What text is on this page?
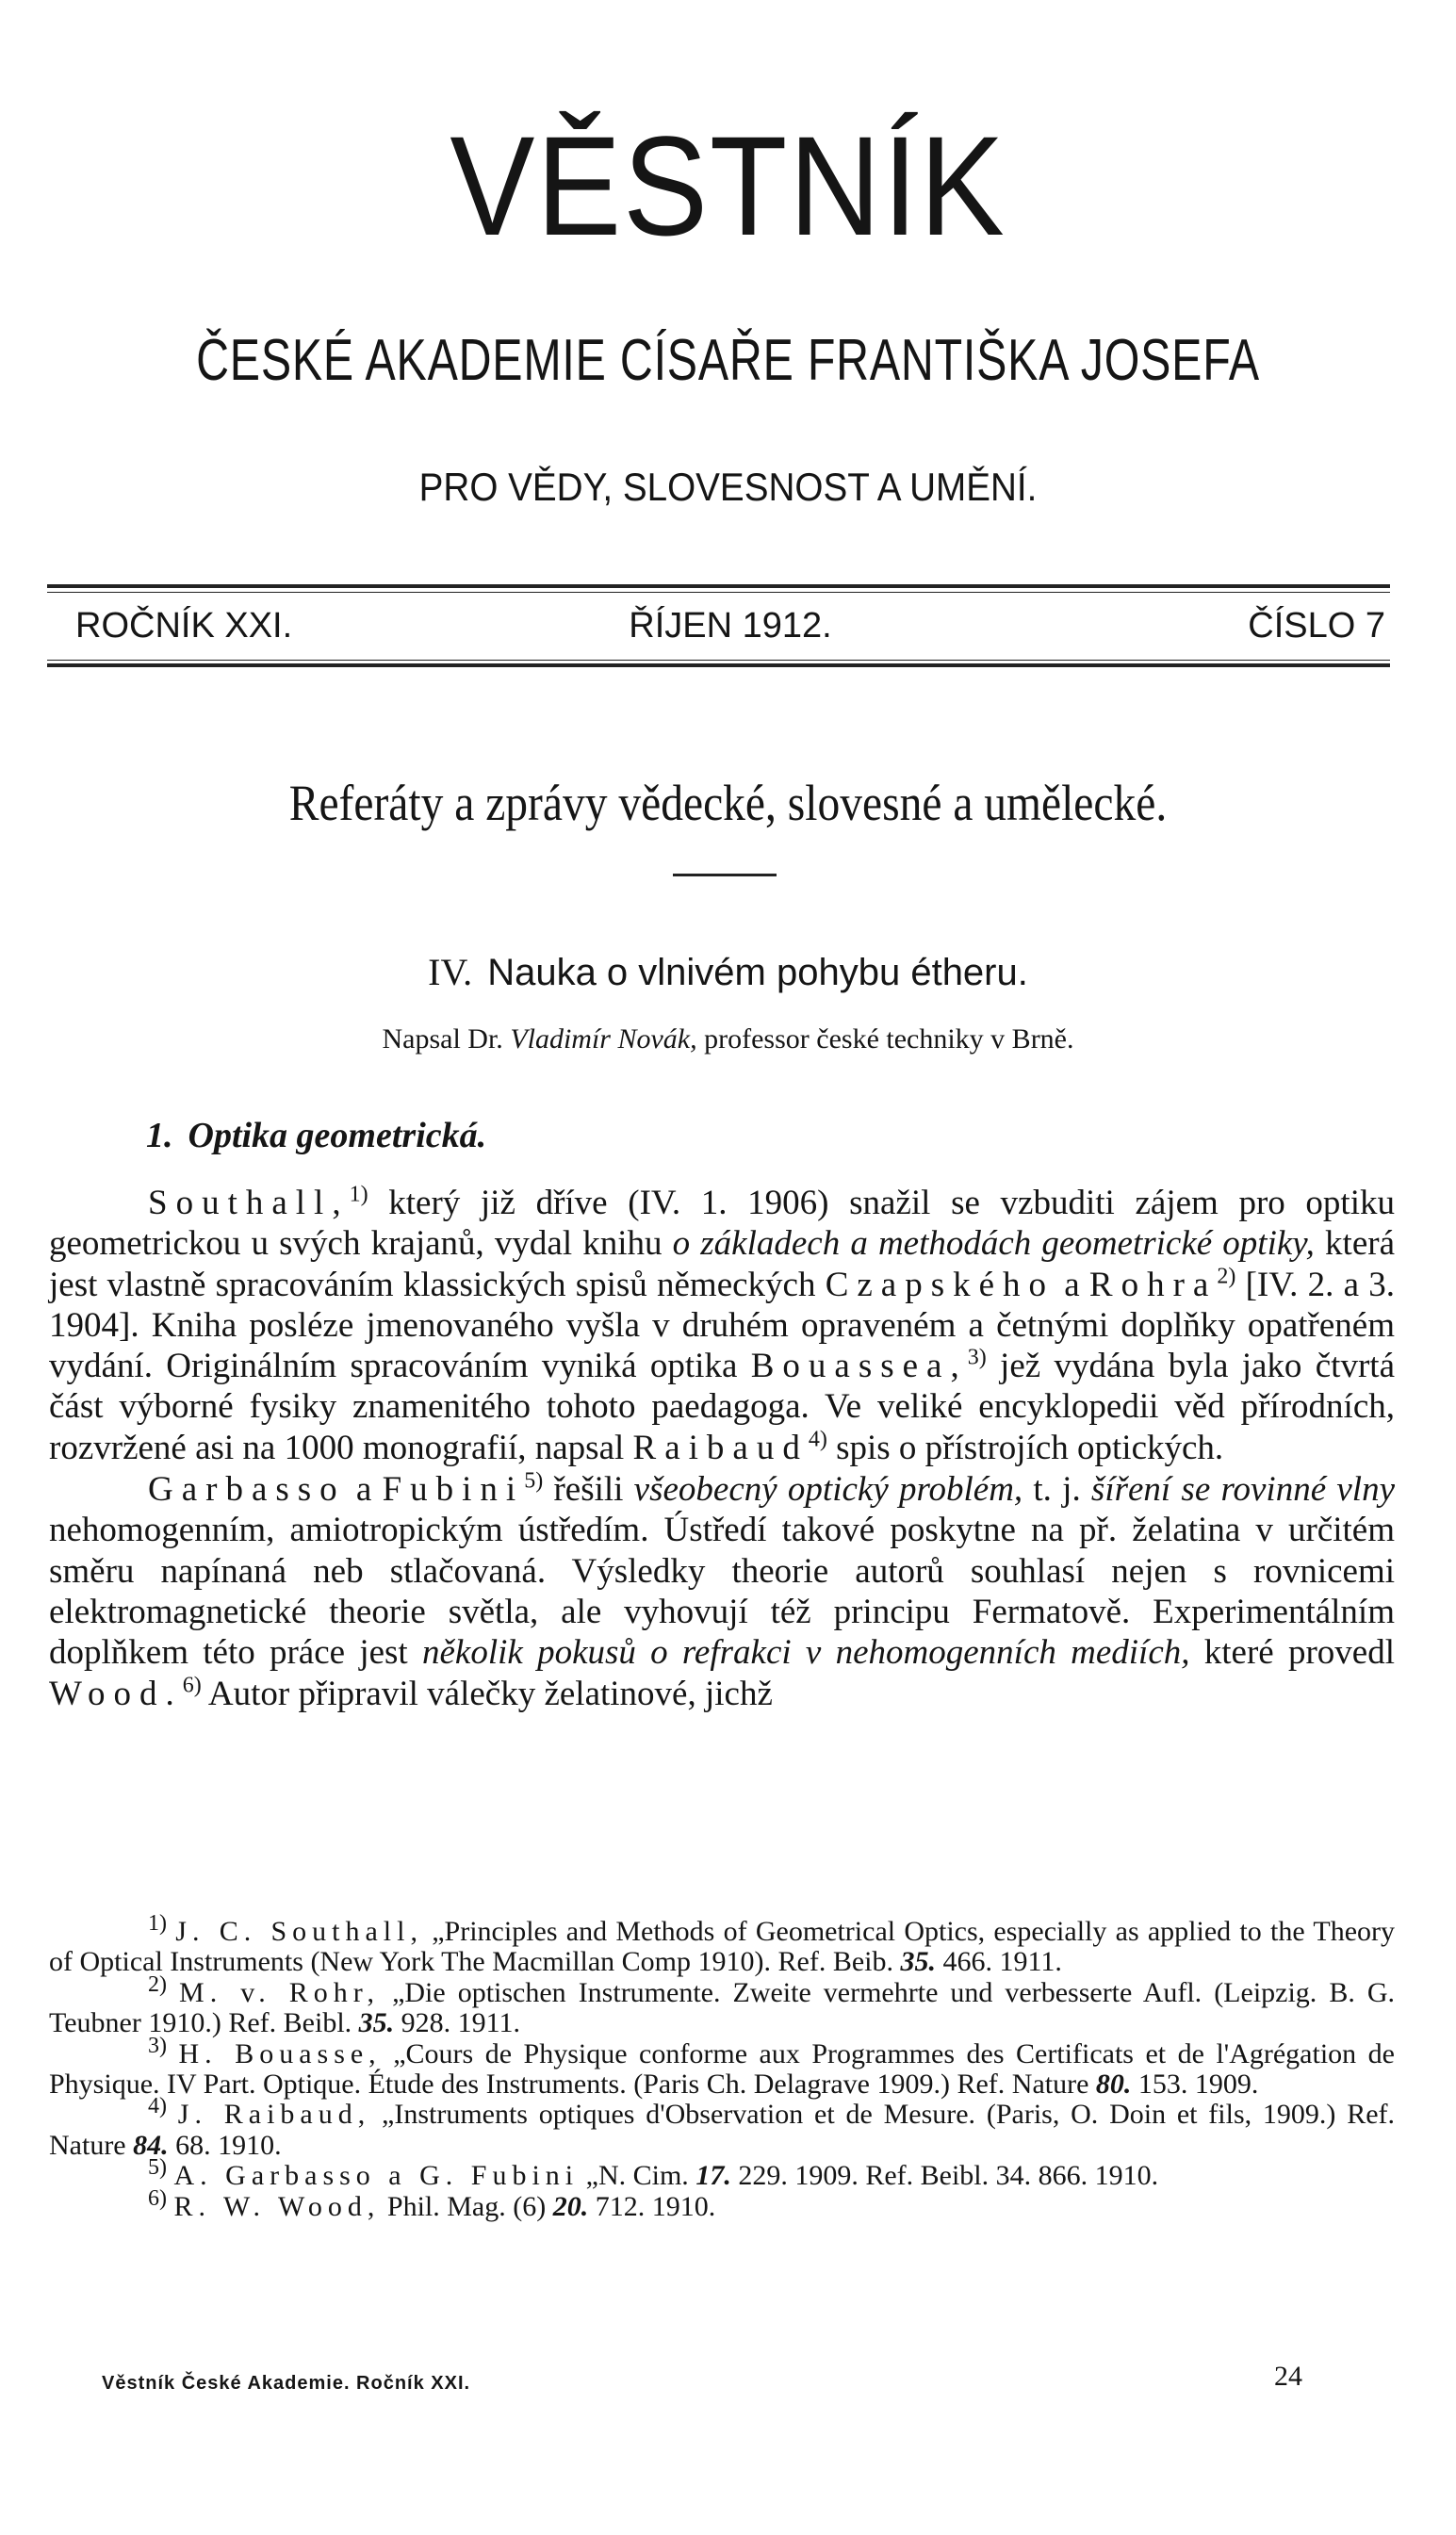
VĚSTNÍK
ČESKÉ AKADEMIE CÍSAŘE FRANTIŠKA JOSEFA
PRO VĚDY, SLOVESNOST A UMĚNÍ.
ROČNÍK XXI.	ŘÍJEN 1912.	ČÍSLO 7
Referáty a zprávy vědecké, slovesné a umělecké.
IV. Nauka o vlnivém pohybu étheru.
Napsal Dr. Vladimír Novák, professor české techniky v Brně.
1. Optika geometrická.

Southall,$^{1)}$ který již dříve (IV. 1. 1906) snažil se vzbuditi zájem pro optiku geometrickou u svých krajanů, vydal knihu o základech a methodách geometrické optiky, která jest vlastně spracováním klassických spisů německých Czapského a Rohra$^{2)}$ [IV. 2. a 3. 1904]. Kniha posléze jmenovaného vyšla v druhém opraveném a četnými doplňky opatřeném vydání. Originálním spracováním vyniká optika Bouassea,$^{3)}$ jež vydána byla jako čtvrtá část výborné fysiky znamenitého tohoto paedagoga. Ve veliké encyklopedii věd přírodních, rozvržené asi na 1000 monografií, napsal Raibaud$^{4)}$ spis o přístrojích optických.

Garbasso a Fubini$^{5)}$ řešili všeobecný optický problém, t. j. šíření se rovinné vlny nehomogenním, amiotropickým ústředím. Ústředí takové poskytne na př. želatina v určitém směru napínaná neb stlačovaná. Výsledky theorie autorů souhlasí nejen s rovnicemi elektromagnetické theorie světla, ale vyhovují též principu Fermatově. Experimentálním doplňkem této práce jest několik pokusů o refrakci v nehomogenních mediích, které provedl Wood.$^{6)}$ Autor připravil válečky želatinové, jichž

$^{1)}$ J. C. Southall, „Principles and Methods of Geometrical Optics, especially as applied to the Theory of Optical Instruments (New York The Macmillan Comp 1910). Ref. Beib. 35. 466. 1911.

$^{2)}$ M. v. Rohr, „Die optischen Instrumente. Zweite vermehrte und verbesserte Aufl. (Leipzig. B. G. Teubner 1910.) Ref. Beibl. 35. 928. 1911.

$^{3)}$ H. Bouasse, „Cours de Physique conforme aux Programmes des Certificats et de l'Agrégation de Physique. IV Part. Optique. Étude des Instruments. (Paris Ch. Delagrave 1909.) Ref. Nature 80. 153. 1909.

$^{4)}$ J. Raibaud, „Instruments optiques d'Observation et de Mesure. (Paris, O. Doin et fils, 1909.) Ref. Nature 84. 68. 1910.

$^{5)}$ A. Garbasso a G. Fubini „N. Cim. 17. 229. 1909. Ref. Beibl. 34. 866. 1910.

$^{6)}$ R. W. Wood, Phil. Mag. (6) 20. 712. 1910.

Věstník České Akademie. Ročník XXI.	24
